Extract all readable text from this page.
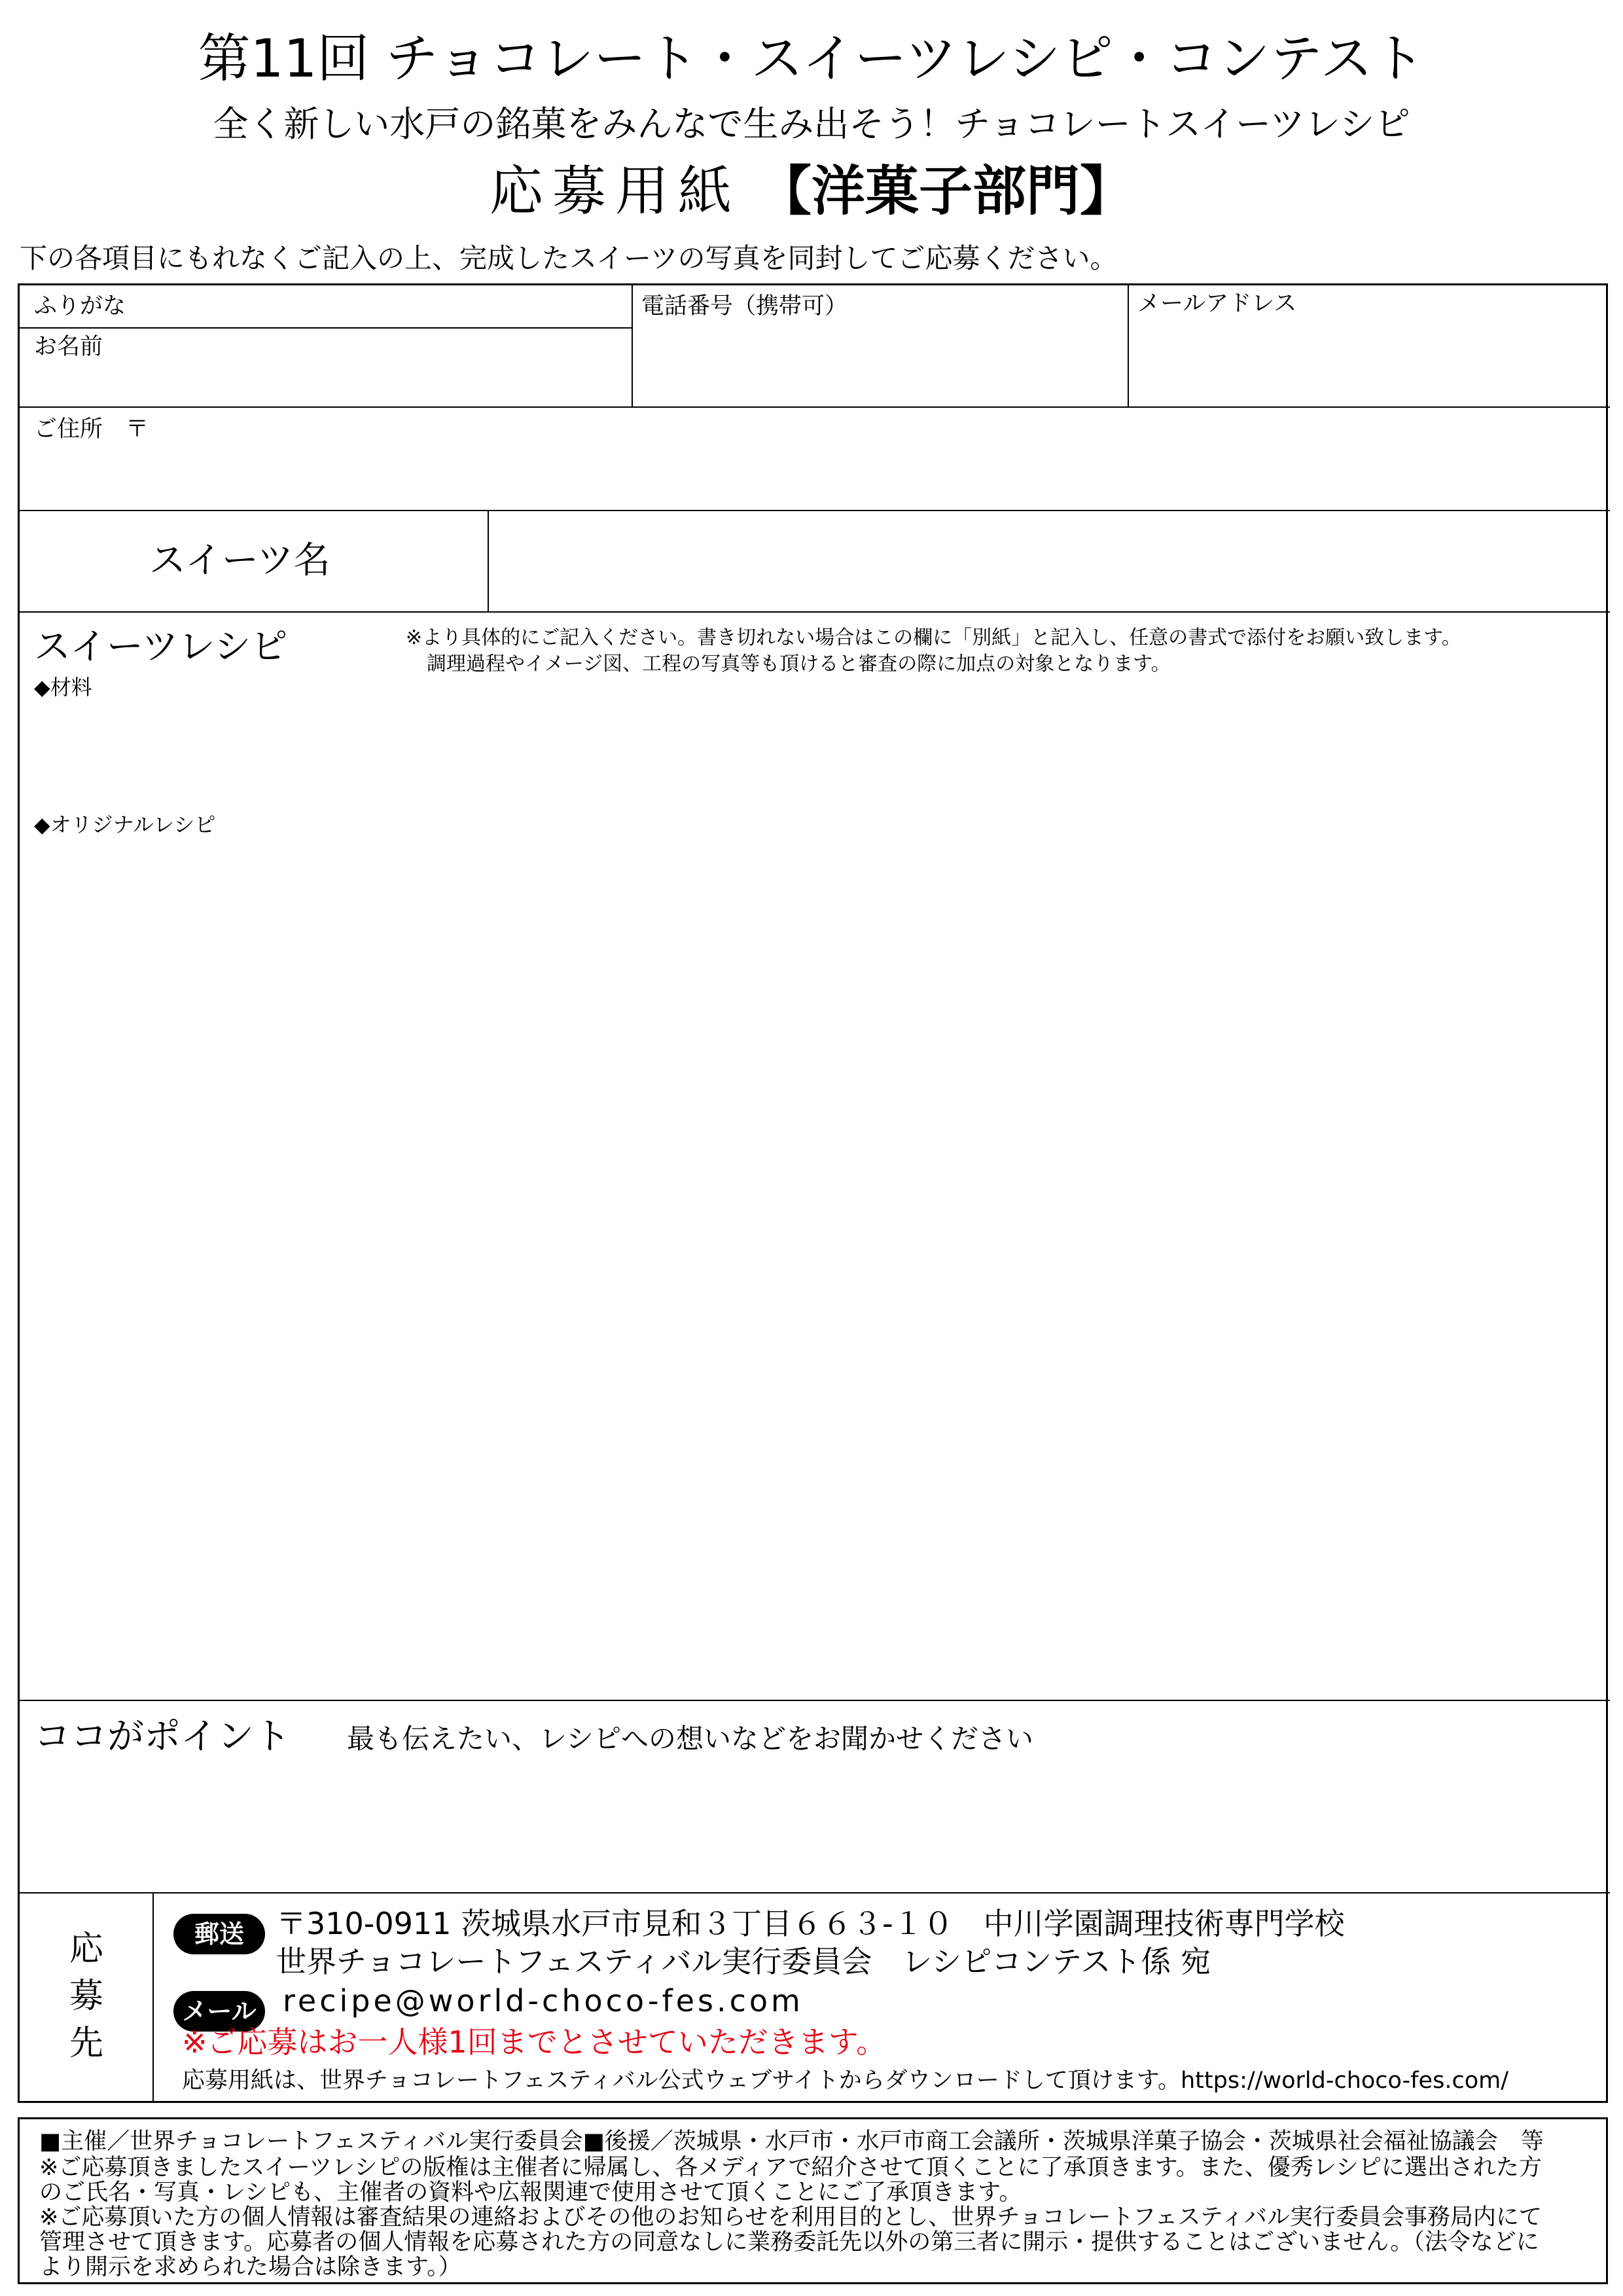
第11回 チョコレート・スイーツレシピ・コンテスト
全く新しい水戸の銘菓をみんなで生み出そう！チョコレートスイーツレシピ
応募用紙 【洋菓子部門】
下の各項目にもれなくご記入の上、完成したスイーツの写真を同封してご応募ください。
ふりがな
お名前
電話番号（携帯可）	メールアドレス
ご住所　〒
スイーツ名
スイーツレシピ	※より具体的にご記入ください。書き切れない場合はこの欄に「別紙」と記入し、任意の書式で添付をお願い致します。
調理過程やイメージ図、工程の写真等も頂けると審査の際に加点の対象となります。
◆材料
◆オリジナルレシピ
ココがポイント 最も伝えたい、レシピへの想いなどをお聞かせください
応
募
先
郵送	〒310-0911 茨城県水戸市見和３丁目６６３-１０　中川学園調理技術専門学校
世界チョコレートフェスティバル実行委員会　レシピコンテスト係 宛
メール recipe@world-choco-fes.com
※ご応募はお一人様1回までとさせていただきます。
応募用紙は、世界チョコレートフェスティバル公式ウェブサイトからダウンロードして頂けます。https://world-choco-fes.com/

■主催／世界チョコレートフェスティバル実行委員会■後援／茨城県・水戸市・水戸市商工会議所・茨城県洋菓子協会・茨城県社会福祉協議会　等

※ご応募頂きましたスイーツレシピの版権は主催者に帰属し、各メディアで紹介させて頂くことに了承頂きます。また、優秀レシピに選出された方

のご氏名・写真・レシピも、主催者の資料や広報関連で使用させて頂くことにご了承頂きます。

※ご応募頂いた方の個人情報は審査結果の連絡およびその他のお知らせを利用目的とし、世界チョコレートフェスティバル実行委員会事務局内にて

管理させて頂きます。応募者の個人情報を応募された方の同意なしに業務委託先以外の第三者に開示・提供することはございません。（法令などに

より開示を求められた場合は除きます。）
